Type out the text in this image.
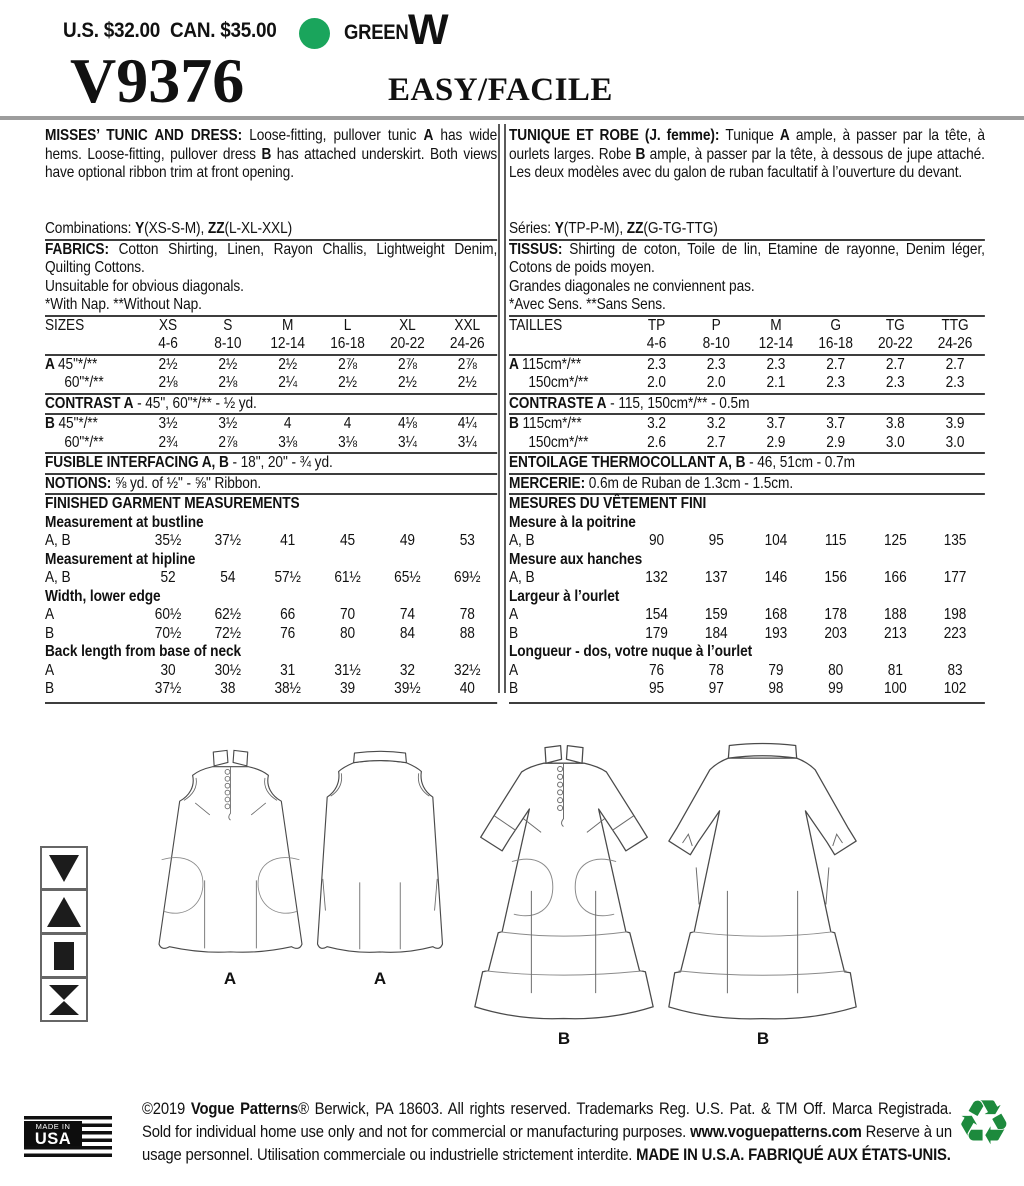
U.S. $32.00 CAN. $35.00	GREEN W
V9376	EASY/FACILE
MISSES’ TUNIC AND DRESS: Loose-fitting, pullover tunic A has wide hems. Loose-fitting, pullover dress B has attached underskirt. Both views have optional ribbon trim at front opening.
Combinations: Y(XS-S-M), ZZ(L-XL-XXL)
FABRICS: Cotton Shirting, Linen, Rayon Challis, Lightweight Denim, Quilting Cottons.
Unsuitable for obvious diagonals.
*With Nap. **Without Nap.
SIZES	XS	S	M	L	XL	XXL
4-6	8-10	12-14	16-18	20-22	24-26
A 45"*/**	2½	2½	2½	2⅞	2⅞	2⅞
60"*/**	2⅛	2⅛	2¼	2½	2½	2½
CONTRAST A - 45", 60"*/** - ½ yd.
B 45"*/**	3½	3½	4	4	4⅛	4¼
60"*/**	2¾	2⅞	3⅛	3⅛	3¼	3¼
FUSIBLE INTERFACING A, B - 18", 20" - ¾ yd.
NOTIONS: ⅝ yd. of ½" - ⅝" Ribbon.
FINISHED GARMENT MEASUREMENTS
Measurement at bustline
A, B	35½	37½	41	45	49	53
Measurement at hipline
A, B	52	54	57½	61½	65½	69½
Width, lower edge
A	60½	62½	66	70	74	78
B	70½	72½	76	80	84	88
Back length from base of neck
A	30	30½	31	31½	32	32½
B	37½	38	38½	39	39½	40
TUNIQUE ET ROBE (J. femme): Tunique A ample, à passer par la tête, à ourlets larges. Robe B ample, à passer par la tête, à dessous de jupe attaché. Les deux modèles avec du galon de ruban facultatif à l’ouverture du devant.
Séries: Y(TP-P-M), ZZ(G-TG-TTG)
TISSUS: Shirting de coton, Toile de lin, Etamine de rayonne, Denim léger, Cotons de poids moyen.
Grandes diagonales ne conviennent pas.
*Avec Sens. **Sans Sens.
TAILLES	TP	P	M	G	TG	TTG
4-6	8-10	12-14	16-18	20-22	24-26
A 115cm*/**	2.3	2.3	2.3	2.7	2.7	2.7
150cm*/**	2.0	2.0	2.1	2.3	2.3	2.3
CONTRASTE A - 115, 150cm*/** - 0.5m
B 115cm*/**	3.2	3.2	3.7	3.7	3.8	3.9
150cm*/**	2.6	2.7	2.9	2.9	3.0	3.0
ENTOILAGE THERMOCOLLANT A, B - 46, 51cm - 0.7m
MERCERIE: 0.6m de Ruban de 1.3cm - 1.5cm.
MESURES DU VÊTEMENT FINI
Mesure à la poitrine
A, B	90	95	104	115	125	135
Mesure aux hanches
A, B	132	137	146	156	166	177
Largeur à l’ourlet
A	154	159	168	178	188	198
B	179	184	193	203	213	223
Longueur - dos, votre nuque à l’ourlet
A	76	78	79	80	81	83
B	95	97	98	99	100	102
A	A
B	B
MADE IN
USA
©2019 Vogue Patterns® Berwick, PA 18603. All rights reserved. Trademarks Reg. U.S. Pat. & TM Off. Marca Registrada. Sold for individual home use only and not for commercial or manufacturing purposes. www.voguepatterns.com Reserve à un usage personnel. Utilisation commerciale ou industrielle strictement interdite. MADE IN U.S.A. FABRIQUÉ AUX ÉTATS-UNIS. ♻
